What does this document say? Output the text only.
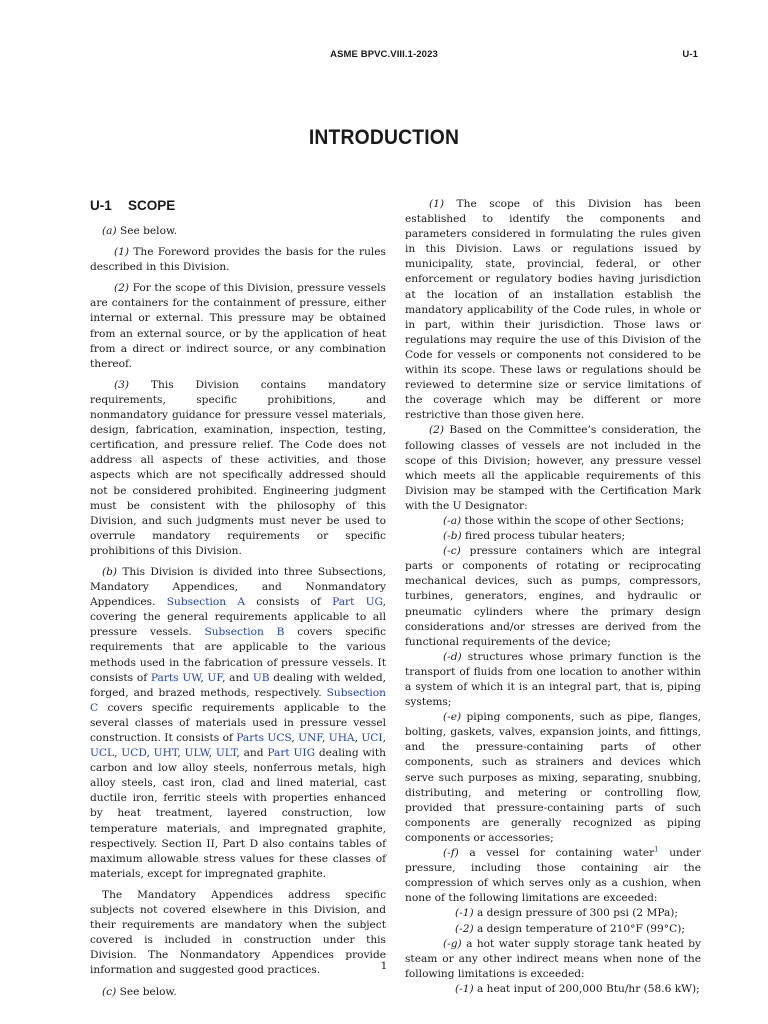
ASME BPVC.VIII.1-2023	U-1
INTRODUCTION
U-1 SCOPE

(a) See below.

(1) The Foreword provides the basis for the rules described in this Division.

(2) For the scope of this Division, pressure vessels are containers for the containment of pressure, either internal or external. This pressure may be obtained from an external source, or by the application of heat from a direct or indirect source, or any combination thereof.

(3) This Division contains mandatory requirements, specific prohibitions, and nonmandatory guidance for pressure vessel materials, design, fabrication, examination, inspection, testing, certification, and pressure relief. The Code does not address all aspects of these activities, and those aspects which are not specifically addressed should not be considered prohibited. Engineering judgment must be consistent with the philosophy of this Division, and such judgments must never be used to overrule mandatory requirements or specific prohibitions of this Division.

(b) This Division is divided into three Subsections, Mandatory Appendices, and Nonmandatory Appendices. Subsection A consists of Part UG, covering the general requirements applicable to all pressure vessels. Subsection B covers specific requirements that are applicable to the various methods used in the fabrication of pressure vessels. It consists of Parts UW, UF, and UB dealing with welded, forged, and brazed methods, respectively. Subsection C covers specific requirements applicable to the several classes of materials used in pressure vessel construction. It consists of Parts UCS, UNF, UHA, UCI, UCL, UCD, UHT, ULW, ULT, and Part UIG dealing with carbon and low alloy steels, nonferrous metals, high alloy steels, cast iron, clad and lined material, cast ductile iron, ferritic steels with properties enhanced by heat treatment, layered construction, low temperature materials, and impregnated graphite, respectively. Section II, Part D also contains tables of maximum allowable stress values for these classes of materials, except for impregnated graphite.

The Mandatory Appendices address specific subjects not covered elsewhere in this Division, and their requirements are mandatory when the subject covered is included in construction under this Division. The Nonmandatory Appendices provide information and suggested good practices.

(c) See below.

(1) The scope of this Division has been established to identify the components and parameters considered in formulating the rules given in this Division. Laws or regulations issued by municipality, state, provincial, federal, or other enforcement or regulatory bodies having jurisdiction at the location of an installation establish the mandatory applicability of the Code rules, in whole or in part, within their jurisdiction. Those laws or regulations may require the use of this Division of the Code for vessels or components not considered to be within its scope. These laws or regulations should be reviewed to determine size or service limitations of the coverage which may be different or more restrictive than those given here.

(2) Based on the Committee’s consideration, the following classes of vessels are not included in the scope of this Division; however, any pressure vessel which meets all the applicable requirements of this Division may be stamped with the Certification Mark with the U Designator:

(-a) those within the scope of other Sections;

(-b) fired process tubular heaters;

(-c) pressure containers which are integral parts or components of rotating or reciprocating mechanical devices, such as pumps, compressors, turbines, generators, engines, and hydraulic or pneumatic cylinders where the primary design considerations and/or stresses are derived from the functional requirements of the device;

(-d) structures whose primary function is the transport of fluids from one location to another within a system of which it is an integral part, that is, piping systems;

(-e) piping components, such as pipe, flanges, bolting, gaskets, valves, expansion joints, and fittings, and the pressure-containing parts of other components, such as strainers and devices which serve such purposes as mixing, separating, snubbing, distributing, and metering or controlling flow, provided that pressure-containing parts of such components are generally recognized as piping components or accessories;

(-f) a vessel for containing water$^1$ under pressure, including those containing air the compression of which serves only as a cushion, when none of the following limitations are exceeded:

(-1) a design pressure of 300 psi (2 MPa);

(-2) a design temperature of 210°F (99°C);

(-g) a hot water supply storage tank heated by steam or any other indirect means when none of the following limitations is exceeded:

(-1) a heat input of 200,000 Btu/hr (58.6 kW);

1
